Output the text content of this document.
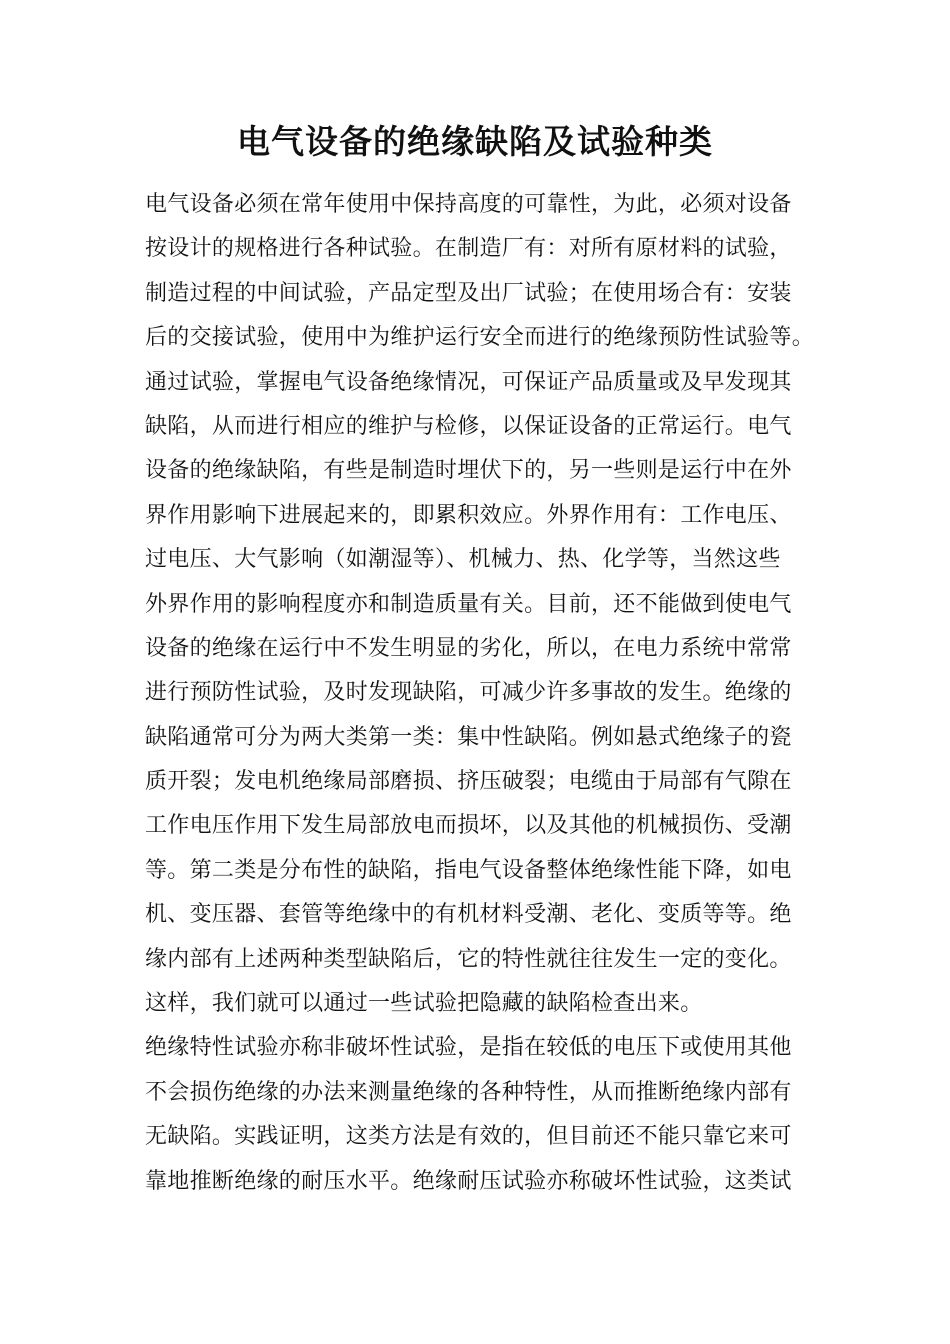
电气设备的绝缘缺陷及试验种类
电气设备必须在常年使用中保持高度的可靠性，为此，必须对设备
按设计的规格进行各种试验。在制造厂有：对所有原材料的试验，
制造过程的中间试验，产品定型及出厂试验；在使用场合有：安装
后的交接试验，使用中为维护运行安全而进行的绝缘预防性试验等。
通过试验，掌握电气设备绝缘情况，可保证产品质量或及早发现其
缺陷，从而进行相应的维护与检修，以保证设备的正常运行。电气
设备的绝缘缺陷，有些是制造时埋伏下的，另一些则是运行中在外
界作用影响下进展起来的，即累积效应。外界作用有：工作电压、
过电压、大气影响（如潮湿等）、机械力、热、化学等，当然这些
外界作用的影响程度亦和制造质量有关。目前，还不能做到使电气
设备的绝缘在运行中不发生明显的劣化，所以，在电力系统中常常
进行预防性试验，及时发现缺陷，可减少许多事故的发生。绝缘的
缺陷通常可分为两大类第一类：集中性缺陷。例如悬式绝缘子的瓷
质开裂；发电机绝缘局部磨损、挤压破裂；电缆由于局部有气隙在
工作电压作用下发生局部放电而损坏，以及其他的机械损伤、受潮
等。第二类是分布性的缺陷，指电气设备整体绝缘性能下降，如电
机、变压器、套管等绝缘中的有机材料受潮、老化、变质等等。绝
缘内部有上述两种类型缺陷后，它的特性就往往发生一定的变化。
这样，我们就可以通过一些试验把隐藏的缺陷检查出来。
绝缘特性试验亦称非破坏性试验，是指在较低的电压下或使用其他
不会损伤绝缘的办法来测量绝缘的各种特性，从而推断绝缘内部有
无缺陷。实践证明，这类方法是有效的，但目前还不能只靠它来可
靠地推断绝缘的耐压水平。绝缘耐压试验亦称破坏性试验，这类试
